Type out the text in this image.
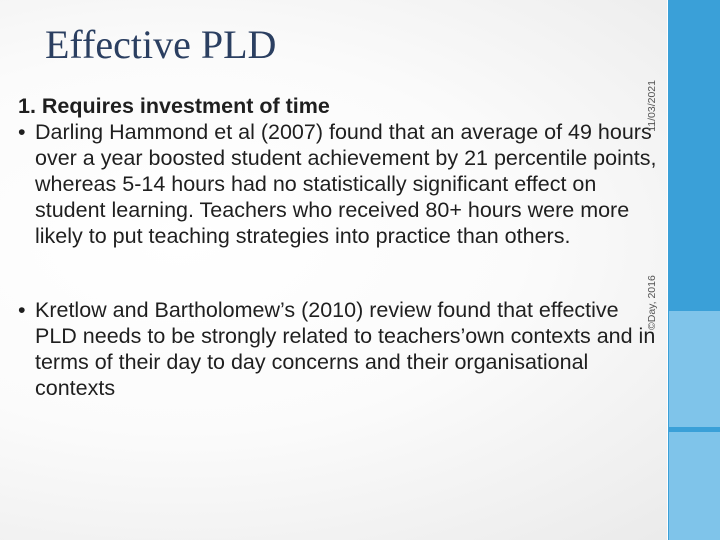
Effective PLD
1. Requires investment of time
• Darling Hammond et al (2007) found that an average of 49 hours over a year boosted student achievement by 21 percentile points, whereas 5-14 hours had no statistically significant effect on student learning. Teachers who received 80+ hours were more likely to put teaching strategies into practice than others.
• Kretlow and Bartholomew’s (2010) review found that effective PLD needs to be strongly related to teachers’own contexts and in terms of their day to day concerns and their organisational contexts
©Day, 2016
11/03/2021
